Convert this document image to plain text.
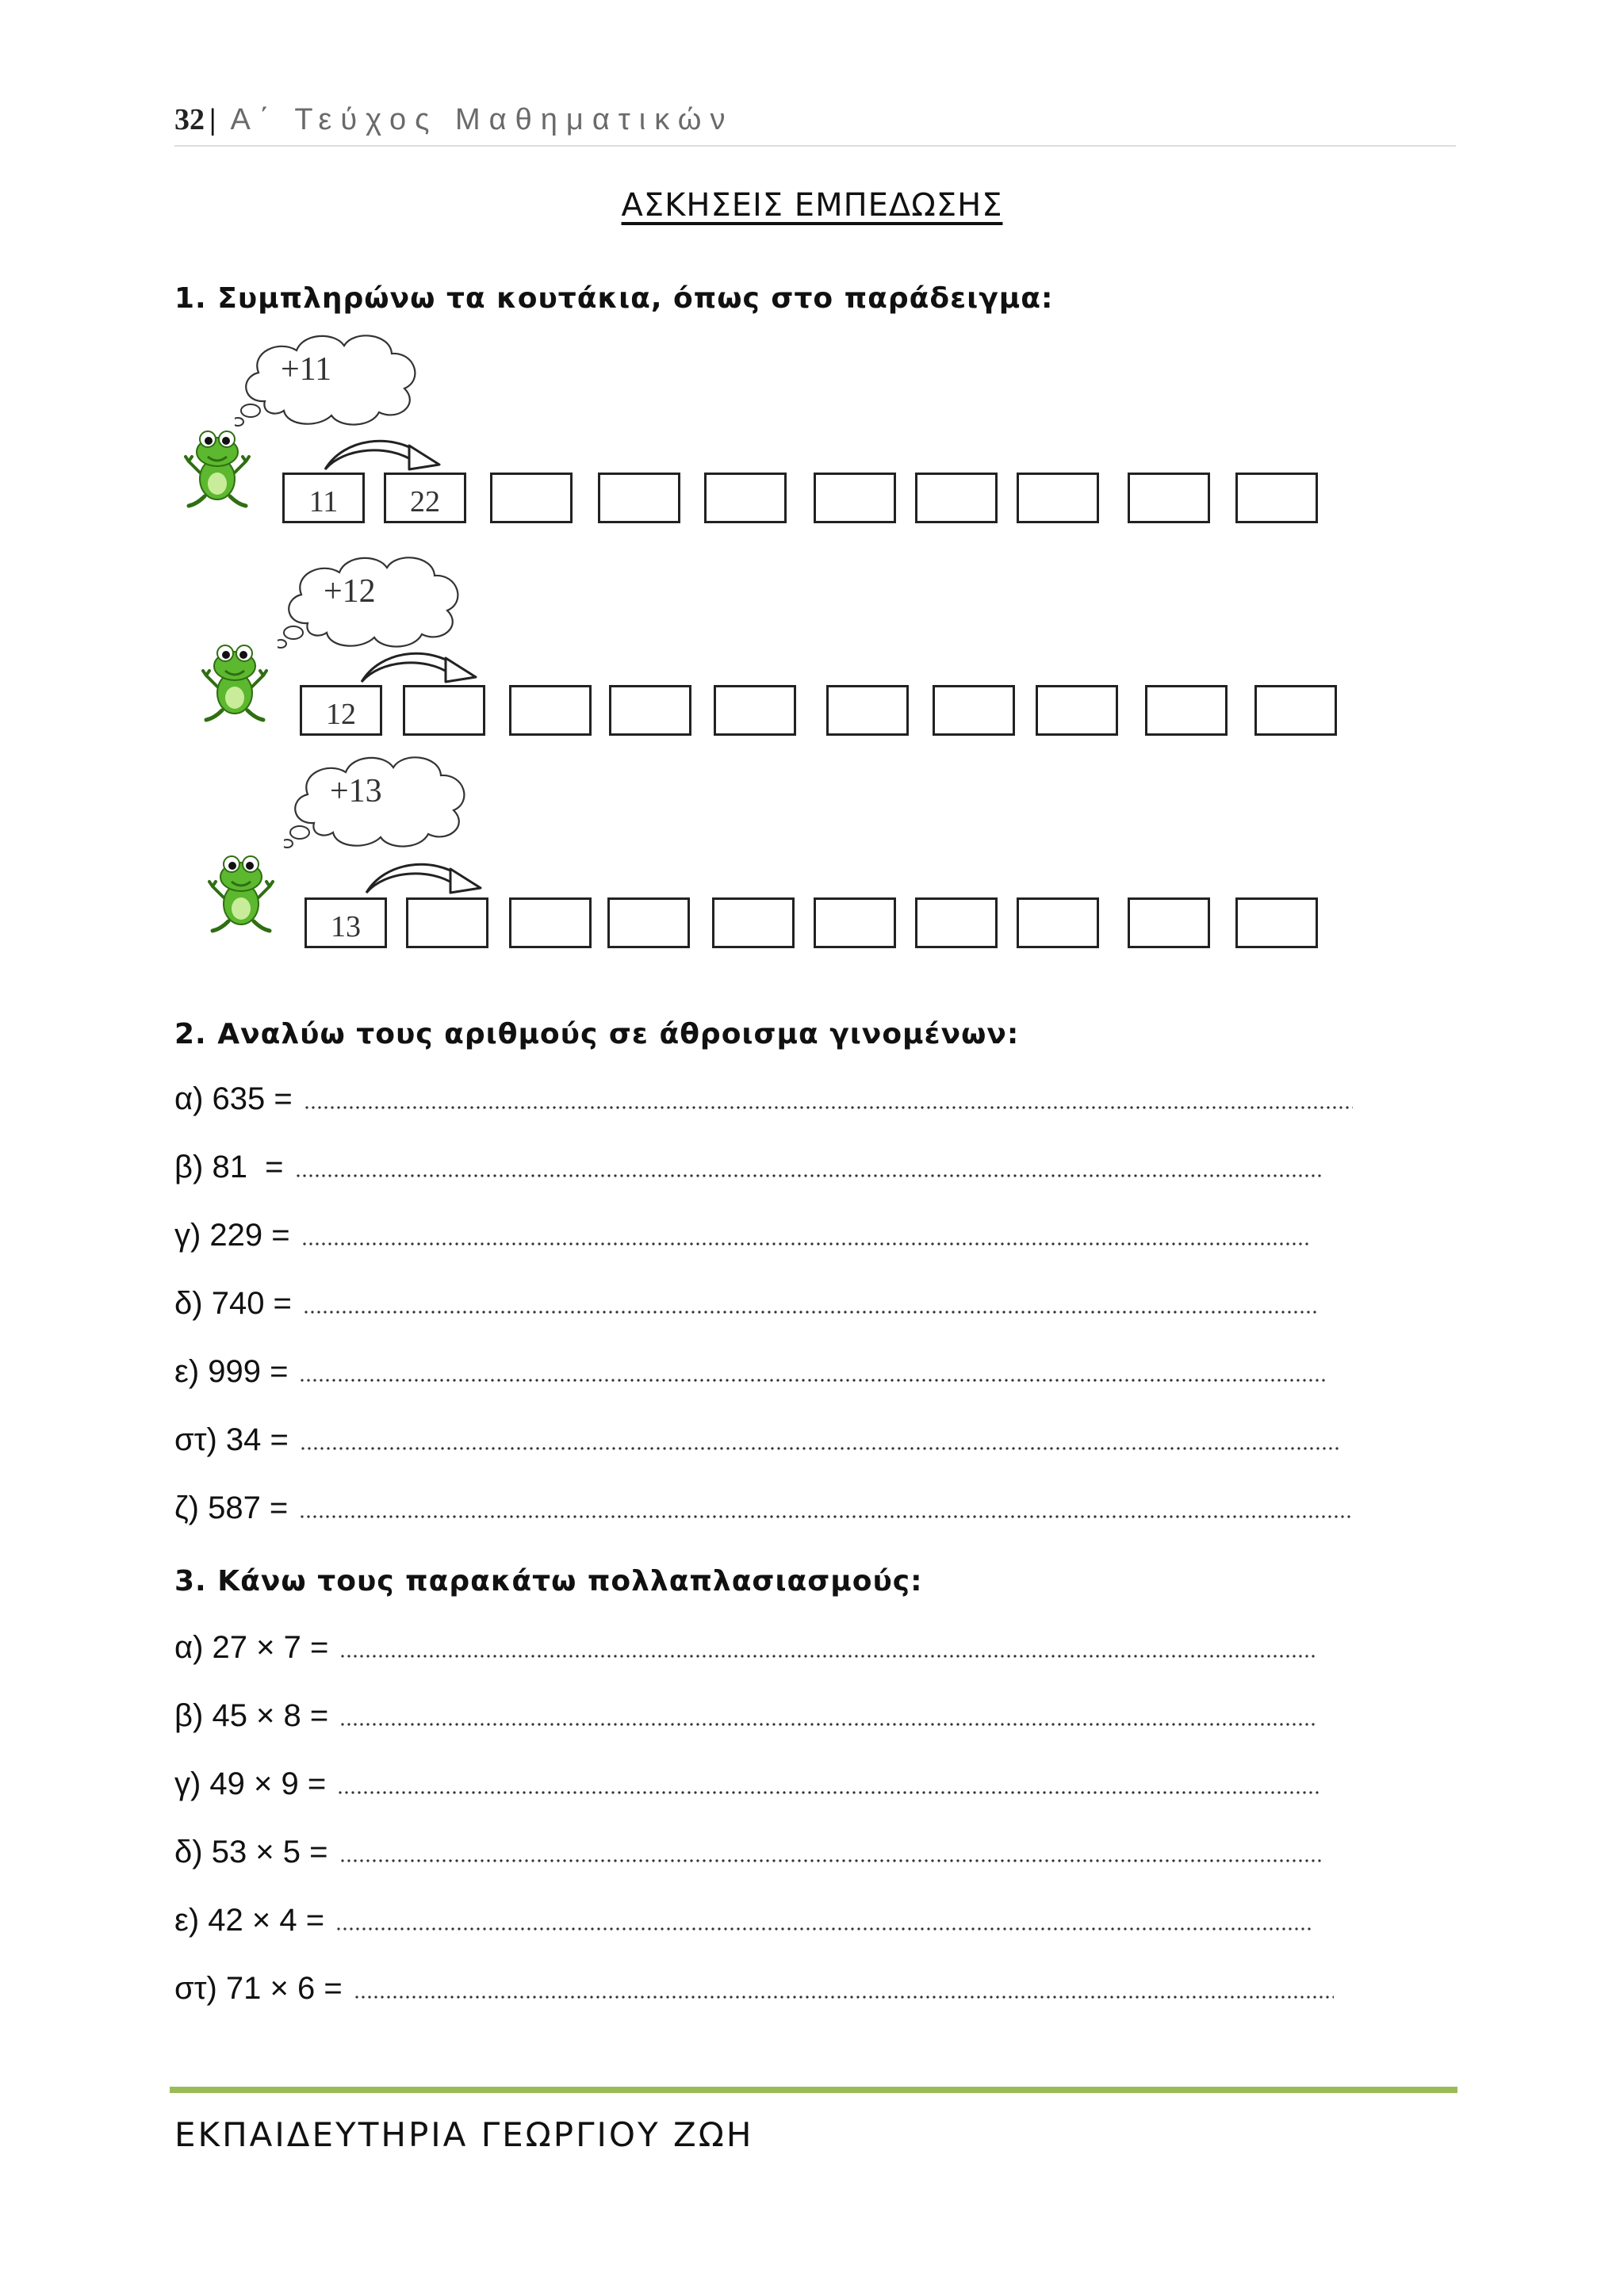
32 | Α΄ Τεύχος Μαθηματικών
ΑΣΚΗΣΕΙΣ ΕΜΠΕΔΩΣΗΣ
1. Συμπληρώνω τα κουτάκια, όπως στο παράδειγμα:
+11
11	22
+12
12
+13
13
2. Αναλύω τους αριθμούς σε άθροισμα γινομένων:
α) 635 =
β) 81  =
γ) 229 =
δ) 740 =
ε) 999 =
στ) 34 =
ζ) 587 =
3. Κάνω τους παρακάτω πολλαπλασιασμούς:
α) 27 × 7 =
β) 45 × 8 =
γ) 49 × 9 =
δ) 53 × 5 =
ε) 42 × 4 =
στ) 71 × 6 =
ΕΚΠΑΙΔΕΥΤΗΡΙΑ ΓΕΩΡΓΙΟΥ ΖΩΗ
